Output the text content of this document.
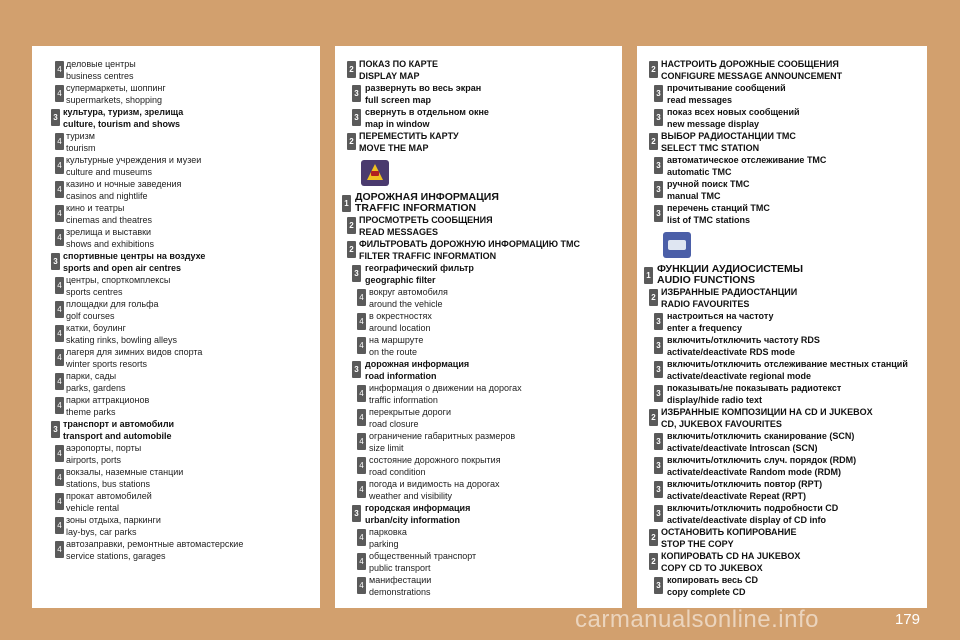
4
деловые центры
business centres
4
супермаркеты, шоппинг
supermarkets, shopping
3
культура, туризм, зрелища
culture, tourism and shows
4
туризм
tourism
4
культурные учреждения и музеи
culture and museums
4
казино и ночные заведения
casinos and nightlife
4
кино и театры
cinemas and theatres
4
зрелища и выставки
shows and exhibitions
3
спортивные центры на воздухе
sports and open air centres
4
центры, спорткомплексы
sports centres
4
площадки для гольфа
golf courses
4
катки, боулинг
skating rinks, bowling alleys
4
лагеря для зимних видов спорта
winter sports resorts
4
парки, сады
parks, gardens
4
парки аттракционов
theme parks
3
транспорт и автомобили
transport and automobile
4
аэропорты, порты
airports, ports
4
вокзалы, наземные станции
stations, bus stations
4
прокат автомобилей
vehicle rental
4
зоны отдыха, паркинги
lay-bys, car parks
4
автозаправки, ремонтные автомастерские
service stations, garages
2
ПОКАЗ ПО КАРТЕ
DISPLAY MAP
3
развернуть во весь экран
full screen map
3
свернуть в отдельном окне
map in window
2
ПЕРЕМЕСТИТЬ КАРТУ
MOVE THE MAP
1
ДОРОЖНАЯ ИНФОРМАЦИЯ
TRAFFIC INFORMATION
2
ПРОСМОТРЕТЬ СООБЩЕНИЯ
READ MESSAGES
2
ФИЛЬТРОВАТЬ ДОРОЖНУЮ ИНФОРМАЦИЮ ТМС
FILTER TRAFFIC INFORMATION
3
географический фильтр
geographic filter
4
вокруг автомобиля
around the vehicle
4
в окрестностях
around location
4
на маршруте
on the route
3
дорожная информация
road information
4
информация о движении на дорогах
traffic information
4
перекрытые дороги
road closure
4
ограничение габаритных размеров
size limit
4
состояние дорожного покрытия
road condition
4
погода и видимость на дорогах
weather and visibility
3
городская информация
urban/city information
4
парковка
parking
4
общественный транспорт
public transport
4
манифестации
demonstrations
2
НАСТРОИТЬ ДОРОЖНЫЕ СООБЩЕНИЯ
CONFIGURE MESSAGE ANNOUNCEMENT
3
прочитывание сообщений
read messages
3
показ всех новых сообщений
new message display
2
ВЫБОР РАДИОСТАНЦИИ TMC
SELECT TMC STATION
3
автоматическое отслеживание TMC
automatic TMC
3
ручной поиск TMC
manual TMC
3
перечень станций TMC
list of TMC stations
1
ФУНКЦИИ АУДИОСИСТЕМЫ
AUDIO FUNCTIONS
2
ИЗБРАННЫЕ РАДИОСТАНЦИИ
RADIO FAVOURITES
3
настроиться на частоту
enter a frequency
3
включить/отключить частоту RDS
activate/deactivate RDS mode
3
включить/отключить отслеживание местных станций
activate/deactivate regional mode
3
показывать/не показывать радиотекст
display/hide radio text
2
ИЗБРАННЫЕ КОМПОЗИЦИИ НА CD И JUKEBOX
CD, JUKEBOX FAVOURITES
3
включить/отключить сканирование (SCN)
activate/deactivate Introscan (SCN)
3
включить/отключить случ. порядок (RDM)
activate/deactivate Random mode (RDM)
3
включить/отключить повтор (RPT)
activate/deactivate Repeat (RPT)
3
включить/отключить подробности CD
activate/deactivate display of CD info
2
ОСТАНОВИТЬ КОПИРОВАНИЕ
STOP THE COPY
2
КОПИРОВАТЬ CD НА JUKEBOX
COPY CD TO JUKEBOX
3
копировать весь CD
copy complete CD
179
carmanualsonline.info
